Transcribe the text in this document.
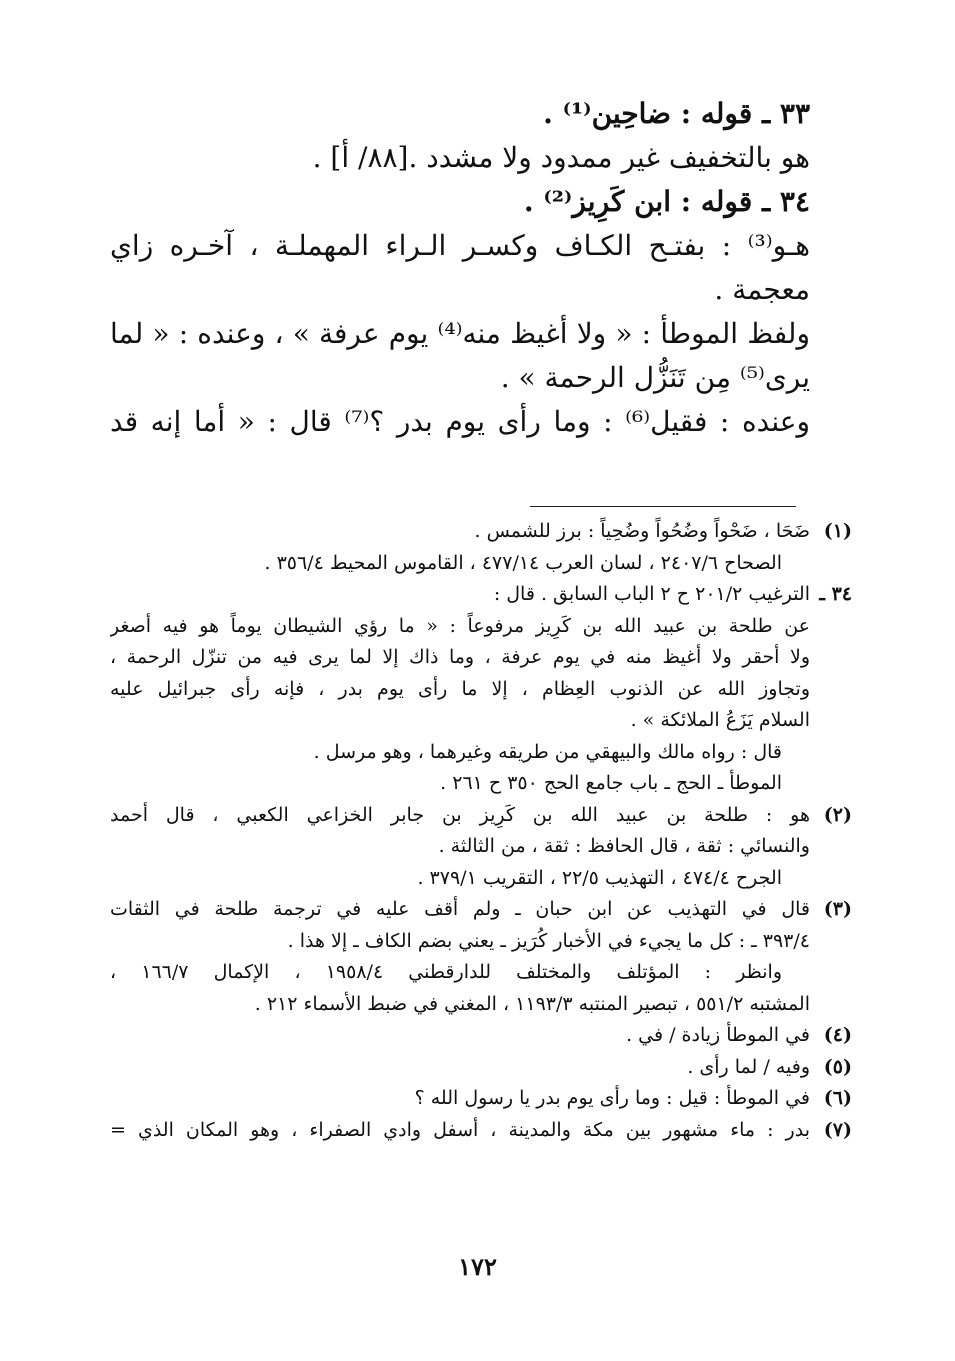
٣٣ ـ قوله : ضاحِين⁽¹⁾ .
هو بالتخفيف غير ممدود ولا مشدد .[٨٨/ أ] .
٣٤ ـ قوله : ابن كَرِيز⁽²⁾ .
هـو⁽³⁾ : بفتـح الكـاف وكسـر الـراء المهملـة ، آخـره زاي
معجمة .
ولفظ الموطأ : « ولا أغيظ منه⁽⁴⁾ يوم عرفة » ، وعنده : « لما
يرى⁽⁵⁾ مِن تَنَزُّل الرحمة » .
وعنده : فقيل⁽⁶⁾ : وما رأى يوم بدر ؟⁽⁷⁾ قال : « أما إنه قد
(١)
ضَحَا ، ضَحْواً وضُحُواً وضُحِياً : برز للشمس .
الصحاح ٢٤٠٧/٦ ، لسان العرب ٤٧٧/١٤ ، القاموس المحيط ٣٥٦/٤ .
٣٤ ـ
الترغيب ٢٠١/٢ ح ٢ الباب السابق . قال :
عن طلحة بن عبيد الله بن كَرِيز مرفوعاً : « ما رؤي الشيطان يوماً هو فيه أصغر
ولا أحقر ولا أغيظ منه في يوم عرفة ، وما ذاك إلا لما يرى فيه من تنزّل الرحمة ،
وتجاوز الله عن الذنوب العِظام ، إلا ما رأى يوم بدر ، فإنه رأى جبرائيل عليه
السلام يَزَعُ الملائكة » .
قال : رواه مالك والبيهقي من طريقه وغيرهما ، وهو مرسل .
الموطأ ـ الحج ـ باب جامع الحج ٣٥٠ ح ٢٦١ .
(٢)
هو : طلحة بن عبيد الله بن كَرِيز بن جابر الخزاعي الكعبي ، قال أحمد
والنسائي : ثقة ، قال الحافظ : ثقة ، من الثالثة .
الجرح ٤٧٤/٤ ، التهذيب ٢٢/٥ ، التقريب ٣٧٩/١ .
(٣)
قال في التهذيب عن ابن حبان ـ ولم أقف عليه في ترجمة طلحة في الثقات
٣٩٣/٤ ـ : كل ما يجيء في الأخبار كُرَيز ـ يعني بضم الكاف ـ إلا هذا .
وانظر : المؤتلف والمختلف للدارقطني ١٩٥٨/٤ ، الإكمال ١٦٦/٧ ،
المشتبه ٥٥١/٢ ، تبصير المنتبه ١١٩٣/٣ ، المغني في ضبط الأسماء ٢١٢ .
(٤)
في الموطأ زيادة / في .
(٥)
وفيه / لما رأى .
(٦)
في الموطأ : قيل : وما رأى يوم بدر يا رسول الله ؟
(٧)
بدر : ماء مشهور بين مكة والمدينة ، أسفل وادي الصفراء ، وهو المكان الذي =
١٧٢
